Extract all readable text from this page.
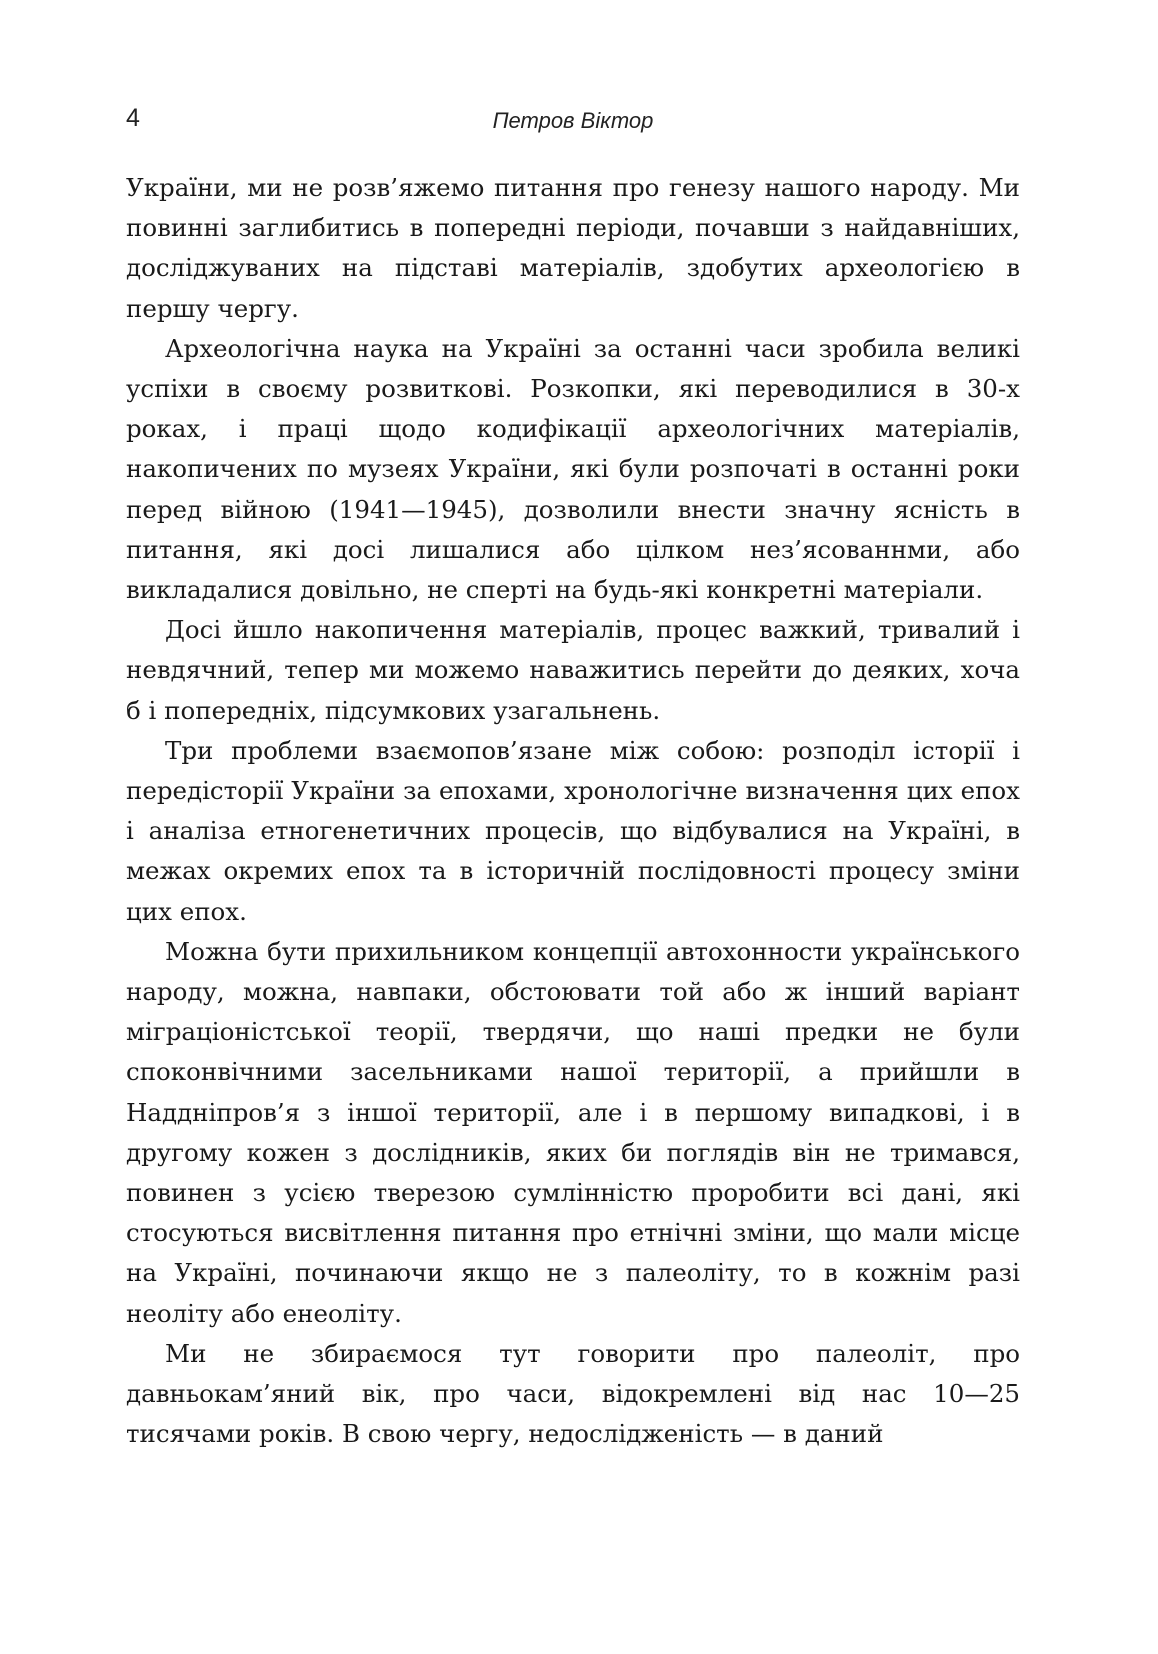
4	Петров Віктор

України, ми не розв’яжемо питання про генезу нашого народу. Ми повинні заглибитись в попередні періоди, почавши з найдавніших, досліджуваних на підставі матеріалів, здобутих археологією в першу чергу.

Археологічна наука на Україні за останні часи зробила великі успіхи в своєму розвиткові. Розкопки, які переводилися в 30-х роках, і праці щодо кодифікації археологічних матеріалів, накопичених по музеях України, які були розпочаті в останні роки перед війною (1941—1945), дозволили внести значну ясність в питання, які досі лишалися або цілком нез’ясованнми, або викладалися довільно, не сперті на будь-які конкретні матеріали.

Досі йшло накопичення матеріалів, процес важкий, тривалий і невдячний, тепер ми можемо наважитись перейти до деяких, хоча б і попередніх, підсумкових узагальнень.

Три проблеми взаємопов’язане між собою: розподіл історії і передісторії України за епохами, хронологічне визначення цих епох і аналіза етногенетичних процесів, що відбувалися на Україні, в межах окремих епох та в історичній послідовності процесу зміни цих епох.

Можна бути прихильником концепції автохонности українського народу, можна, навпаки, обстоювати той або ж інший варіант міграціоністської теорії, твердячи, що наші предки не були споконвічними засельниками нашої території, а прийшли в Наддніпров’я з іншої території, але і в першому випадкові, і в другому кожен з дослідників, яких би поглядів він не тримався, повинен з усією тверезою сумлінністю проробити всі дані, які стосуються висвітлення питання про етнічні зміни, що мали місце на Україні, починаючи якщо не з палеоліту, то в кожнім разі неоліту або енеоліту.

Ми не збираємося тут говорити про палеоліт, про давньокам’яний вік, про часи, відокремлені від нас 10—25 тисячами років. В свою чергу, недослідженість — в даний
